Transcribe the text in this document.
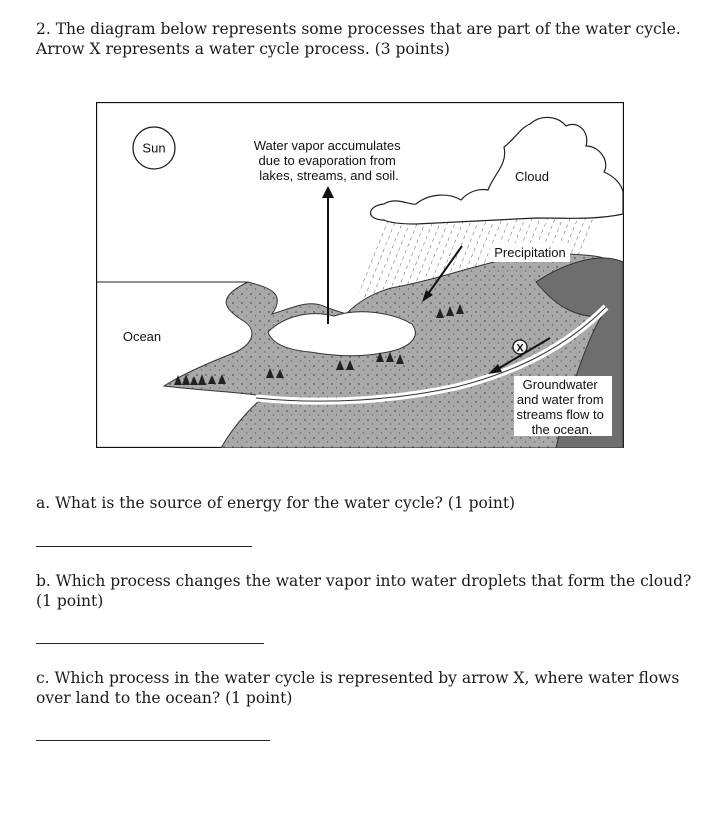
2. The diagram below represents some processes that are part of the water cycle. Arrow X represents a water cycle process. (3 points)
Sun	Water vapor accumulates due to evaporation from lakes, streams, and soil.	Cloud
Precipitation
Ocean
X
Groundwater and water from streams flow to the ocean.
a. What is the source of energy for the water cycle? (1 point)
b. Which process changes the water vapor into water droplets that form the cloud? (1 point)
c. Which process in the water cycle is represented by arrow X, where water flows over land to the ocean? (1 point)
